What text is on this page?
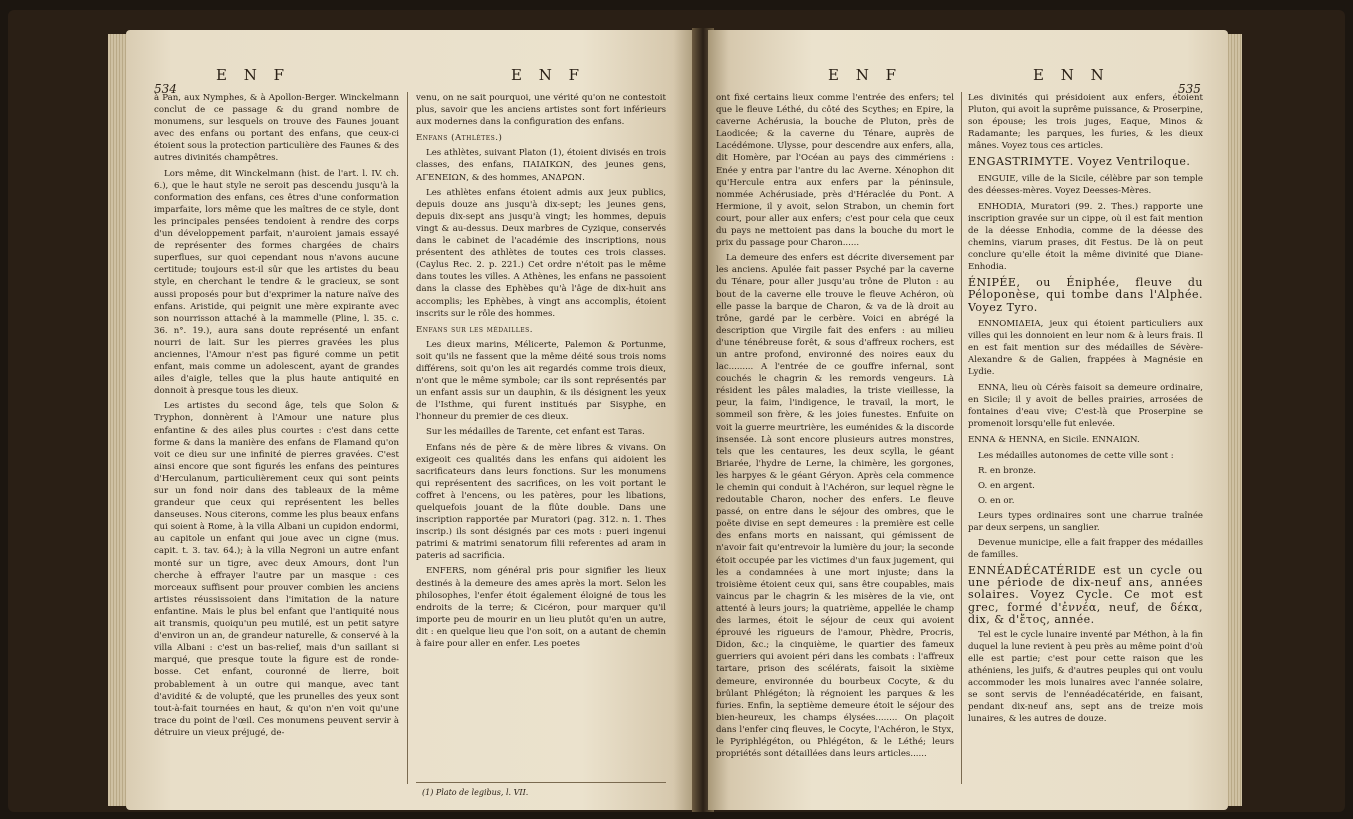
534
E N F	E N F

à Pan, aux Nymphes, & à Apollon-Berger. Winckelmann conclut de ce passage & du grand nombre de monumens, sur lesquels on trouve des Faunes jouant avec des enfans ou portant des enfans, que ceux-ci étoient sous la protection particulière des Faunes & des autres divinités champêtres.

Lors même, dit Winckelmann (hist. de l'art. l. IV. ch. 6.), que le haut style ne seroit pas descendu jusqu'à la conformation des enfans, ces êtres d'une conformation imparfaite, lors même que les maîtres de ce style, dont les principales pensées tendoient à rendre des corps d'un développement parfait, n'auroient jamais essayé de représenter des formes chargées de chairs superflues, sur quoi cependant nous n'avons aucune certitude; toujours est-il sûr que les artistes du beau style, en cherchant le tendre & le gracieux, se sont aussi proposés pour but d'exprimer la nature naïve des enfans. Aristide, qui peignit une mère expirante avec son nourrisson attaché à la mammelle (Pline, l. 35. c. 36. n°. 19.), aura sans doute représenté un enfant nourri de lait. Sur les pierres gravées les plus anciennes, l'Amour n'est pas figuré comme un petit enfant, mais comme un adolescent, ayant de grandes ailes d'aigle, telles que la plus haute antiquité en donnoit à presque tous les dieux.

Les artistes du second âge, tels que Solon & Tryphon, donnèrent à l'Amour une nature plus enfantine & des ailes plus courtes : c'est dans cette forme & dans la manière des enfans de Flamand qu'on voit ce dieu sur une infinité de pierres gravées. C'est ainsi encore que sont figurés les enfans des peintures d'Herculanum, particulièrement ceux qui sont peints sur un fond noir dans des tableaux de la même grandeur que ceux qui représentent les belles danseuses. Nous citerons, comme les plus beaux enfans qui soient à Rome, à la villa Albani un cupidon endormi, au capitole un enfant qui joue avec un cigne (mus. capit. t. 3. tav. 64.); à la villa Negroni un autre enfant monté sur un tigre, avec deux Amours, dont l'un cherche à effrayer l'autre par un masque : ces morceaux suffisent pour prouver combien les anciens artistes réussissoient dans l'imitation de la nature enfantine. Mais le plus bel enfant que l'antiquité nous ait transmis, quoiqu'un peu mutilé, est un petit satyre d'environ un an, de grandeur naturelle, & conservé à la villa Albani : c'est un bas-relief, mais d'un saillant si marqué, que presque toute la figure est de ronde-bosse. Cet enfant, couronné de lierre, boit probablement à un outre qui manque, avec tant d'avidité & de volupté, que les prunelles des yeux sont tout-à-fait tournées en haut, & qu'on n'en voit qu'une trace du point de l'œil. Ces monumens peuvent servir à détruire un vieux préjugé, de-

venu, on ne sait pourquoi, une vérité qu'on ne contestoit plus, savoir que les anciens artistes sont fort inférieurs aux modernes dans la configuration des enfans.

Enfans (Athlètes.)

Les athlètes, suivant Platon (1), étoient divisés en trois classes, des enfans, ΠΑΙΔΙΚΩΝ, des jeunes gens, ΑΓΕΝΕΙΩΝ, & des hommes, ΑΝΔΡΩΝ.

Les athlètes enfans étoient admis aux jeux publics, depuis douze ans jusqu'à dix-sept; les jeunes gens, depuis dix-sept ans jusqu'à vingt; les hommes, depuis vingt & au-dessus. Deux marbres de Cyzique, conservés dans le cabinet de l'académie des inscriptions, nous présentent des athlètes de toutes ces trois classes. (Caylus Rec. 2. p. 221.) Cet ordre n'étoit pas le même dans toutes les villes. A Athènes, les enfans ne passoient dans la classe des Ephèbes qu'à l'âge de dix-huit ans accomplis; les Ephèbes, à vingt ans accomplis, étoient inscrits sur le rôle des hommes.

Enfans sur les médailles.

Les dieux marins, Mélicerte, Palemon & Portunme, soit qu'ils ne fassent que la même déité sous trois noms différens, soit qu'on les ait regardés comme trois dieux, n'ont que le même symbole; car ils sont représentés par un enfant assis sur un dauphin, & ils désignent les yeux de l'Isthme, qui furent institués par Sisyphe, en l'honneur du premier de ces dieux.

Sur les médailles de Tarente, cet enfant est Taras.

Enfans nés de père & de mère libres & vivans. On exigeoit ces qualités dans les enfans qui aidoient les sacrificateurs dans leurs fonctions. Sur les monumens qui représentent des sacrifices, on les voit portant le coffret à l'encens, ou les patères, pour les libations, quelquefois jouant de la flûte double. Dans une inscription rapportée par Muratori (pag. 312. n. 1. Thes inscrip.) ils sont désignés par ces mots : pueri ingenui patrimi & matrimi senatorum filii referentes ad aram in pateris ad sacrificia.

ENFERS, nom général pris pour signifier les lieux destinés à la demeure des ames après la mort. Selon les philosophes, l'enfer étoit également éloigné de tous les endroits de la terre; & Cicéron, pour marquer qu'il importe peu de mourir en un lieu plutôt qu'en un autre, dit : en quelque lieu que l'on soit, on a autant de chemin à faire pour aller en enfer. Les poetes

(1) Plato de legibus, l. VII.
E N F	E N N
535

ont fixé certains lieux comme l'entrée des enfers; tel que le fleuve Léthé, du côté des Scythes; en Epire, la caverne Achérusia, la bouche de Pluton, près de Laodicée; & la caverne du Ténare, auprès de Lacédémone. Ulysse, pour descendre aux enfers, alla, dit Homère, par l'Océan au pays des cimmériens : Enée y entra par l'antre du lac Averne. Xénophon dit qu'Hercule entra aux enfers par la péninsule, nommée Achérusiade, près d'Héraclée du Pont. A Hermione, il y avoit, selon Strabon, un chemin fort court, pour aller aux enfers; c'est pour cela que ceux du pays ne mettoient pas dans la bouche du mort le prix du passage pour Charon......

La demeure des enfers est décrite diversement par les anciens. Apulée fait passer Psyché par la caverne du Ténare, pour aller jusqu'au trône de Pluton : au bout de la caverne elle trouve le fleuve Achéron, où elle passe la barque de Charon, & va de là droit au trône, gardé par le cerbère. Voici en abrégé la description que Virgile fait des enfers : au milieu d'une ténébreuse forêt, & sous d'affreux rochers, est un antre profond, environné des noires eaux du lac......... A l'entrée de ce gouffre infernal, sont couchés le chagrin & les remords vengeurs. Là résident les pâles maladies, la triste vieillesse, la peur, la faim, l'indigence, le travail, la mort, le sommeil son frère, & les joies funestes. Enfuite on voit la guerre meurtrière, les euménides & la discorde insensée. Là sont encore plusieurs autres monstres, tels que les centaures, les deux scylla, le géant Briarée, l'hydre de Lerne, la chimère, les gorgones, les harpyes & le géant Géryon. Après cela commence le chemin qui conduit à l'Achéron, sur lequel règne le redoutable Charon, nocher des enfers. Le fleuve passé, on entre dans le séjour des ombres, que le poëte divise en sept demeures : la première est celle des enfans morts en naissant, qui gémissent de n'avoir fait qu'entrevoir la lumière du jour; la seconde étoit occupée par les victimes d'un faux jugement, qui les a condamnées à une mort injuste; dans la troisième étoient ceux qui, sans être coupables, mais vaincus par le chagrin & les misères de la vie, ont attenté à leurs jours; la quatrième, appellée le champ des larmes, étoit le séjour de ceux qui avoient éprouvé les rigueurs de l'amour, Phèdre, Procris, Didon, &c.; la cinquième, le quartier des fameux guerriers qui avoient péri dans les combats : l'affreux tartare, prison des scélérats, faisoit la sixième demeure, environnée du bourbeux Cocyte, & du brûlant Phlégéton; là régnoient les parques & les furies. Enfin, la septième demeure étoit le séjour des bien-heureux, les champs élysées........ On plaçoit dans l'enfer cinq fleuves, le Cocyte, l'Achéron, le Styx, le Pyriphlégéton, ou Phlégéton, & le Léthé; leurs propriétés sont détaillées dans leurs articles......

Les divinités qui présidoient aux enfers, étoient Pluton, qui avoit la suprême puissance, & Proserpine, son épouse; les trois juges, Eaque, Minos & Radamante; les parques, les furies, & les dieux mânes. Voyez tous ces articles.

ENGASTRIMYTE. Voyez Ventriloque.

ENGUIE, ville de la Sicile, célèbre par son temple des déesses-mères. Voyez Deesses-Mères.

ENHODIA, Muratori (99. 2. Thes.) rapporte une inscription gravée sur un cippe, où il est fait mention de la déesse Enhodia, comme de la déesse des chemins, viarum prases, dit Festus. De là on peut conclure qu'elle étoit la même divinité que Diane-Enhodia.

ÉNIPÉE, ou Éniphée, fleuve du Péloponèse, qui tombe dans l'Alphée. Voyez Tyro.

ENNOMIΔEIA, jeux qui étoient particuliers aux villes qui les donnoient en leur nom & à leurs frais. Il en est fait mention sur des médailles de Sévère-Alexandre & de Galien, frappées à Magnésie en Lydie.

ENNA, lieu où Cérès faisoit sa demeure ordinaire, en Sicile; il y avoit de belles prairies, arrosées de fontaines d'eau vive; C'est-là que Proserpine se promenoit lorsqu'elle fut enlevée.

ENNA & HENNA, en Sicile. ENNAIΩN.

Les médailles autonomes de cette ville sont :

R. en bronze.

O. en argent.

O. en or.

Leurs types ordinaires sont une charrue traînée par deux serpens, un sanglier.

Devenue municipe, elle a fait frapper des médailles de familles.

ENNÉADÉCATÉRIDE est un cycle ou une période de dix-neuf ans, années solaires. Voyez Cycle. Ce mot est grec, formé d'ἐννέα, neuf, de δέκα, dix, & d'ἔτος, année.

Tel est le cycle lunaire inventé par Méthon, à la fin duquel la lune revient à peu près au même point d'où elle est partie; c'est pour cette raison que les athéniens, les juifs, & d'autres peuples qui ont voulu accommoder les mois lunaires avec l'année solaire, se sont servis de l'ennéadécatéride, en faisant, pendant dix-neuf ans, sept ans de treize mois lunaires, & les autres de douze.
